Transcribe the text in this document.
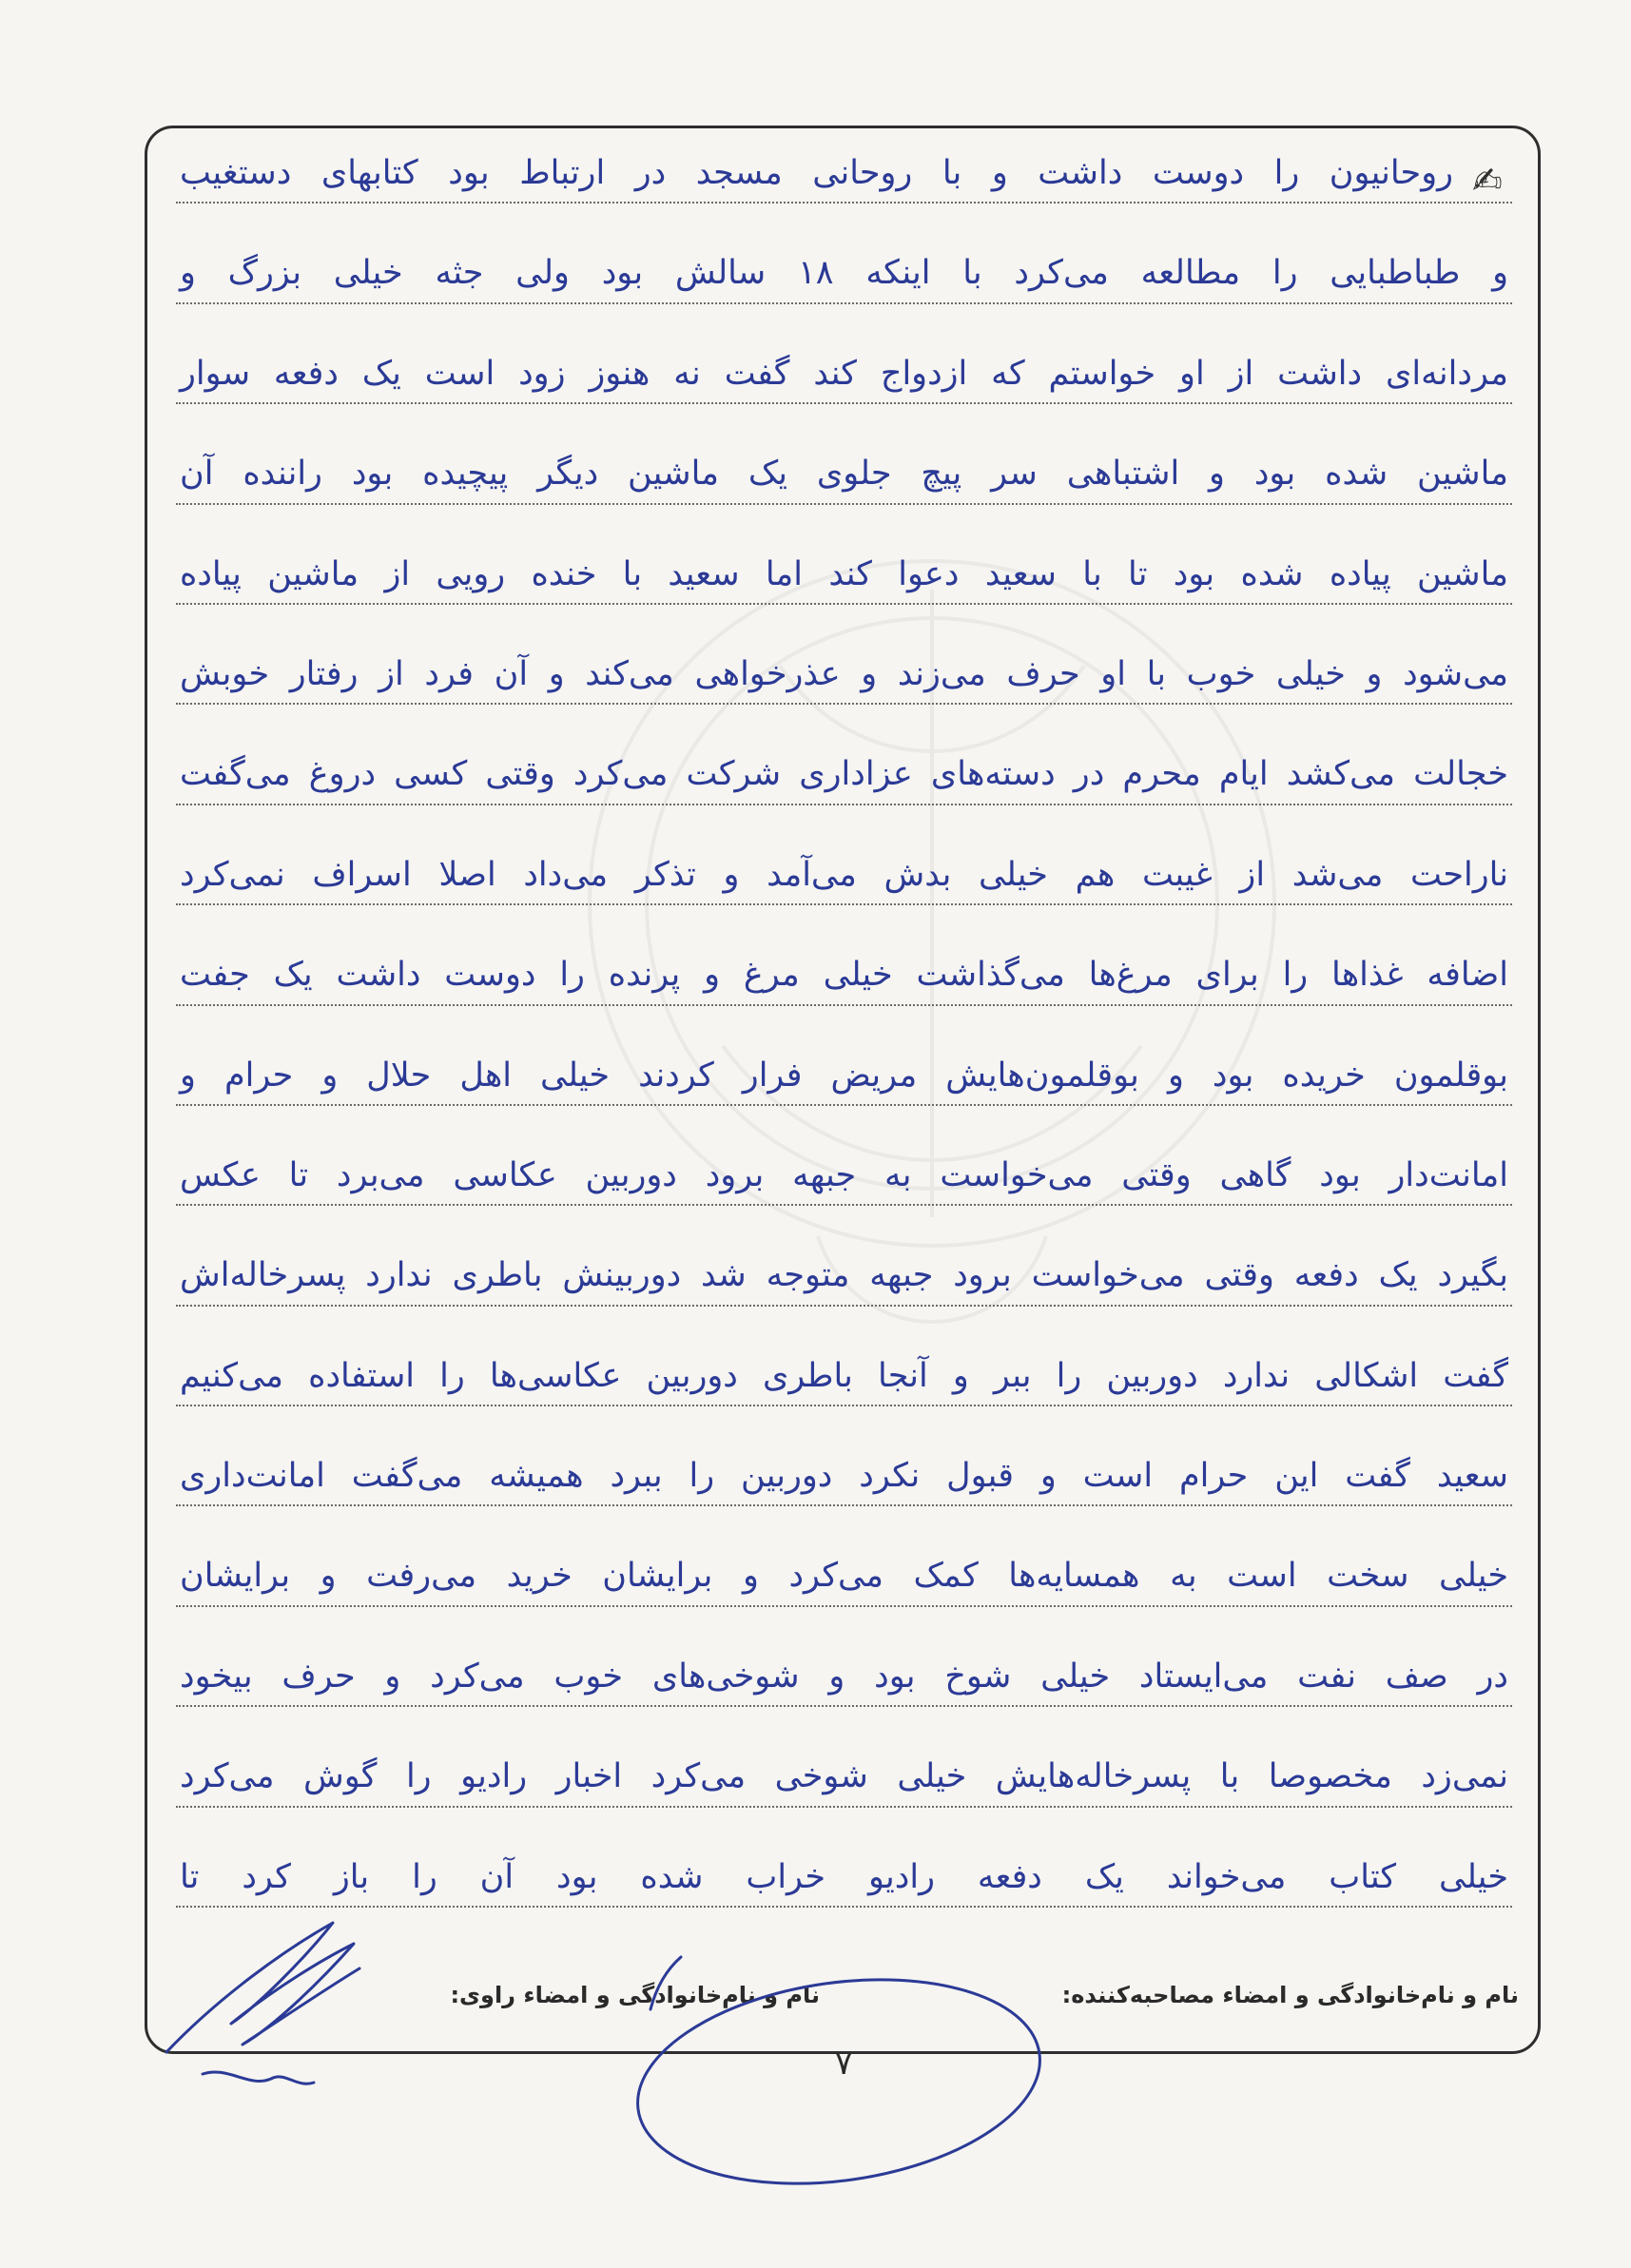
✍
روحانیون را دوست داشت و با روحانی مسجد در ارتباط بود کتابهای دستغیب
و طباطبایی را مطالعه می‌کرد با اینکه ۱۸ سالش بود ولی جثه خیلی بزرگ و
مردانه‌ای داشت از او خواستم که ازدواج کند گفت نه هنوز زود است یک دفعه سوار
ماشین شده بود و اشتباهی سر پیچ جلوی یک ماشین دیگر پیچیده بود راننده آن
ماشین پیاده شده بود تا با سعید دعوا کند اما سعید با خنده رویی از ماشین پیاده
می‌شود و خیلی خوب با او حرف می‌زند و عذرخواهی می‌کند و آن فرد از رفتار خوبش
خجالت می‌کشد ایام محرم در دسته‌های عزاداری شرکت می‌کرد وقتی کسی دروغ می‌گفت
ناراحت می‌شد از غیبت هم خیلی بدش می‌آمد و تذکر می‌داد اصلا اسراف نمی‌کرد
اضافه غذاها را برای مرغ‌ها می‌گذاشت خیلی مرغ و پرنده را دوست داشت یک جفت
بوقلمون خریده بود و بوقلمون‌هایش مریض فرار کردند خیلی اهل حلال و حرام و
امانت‌دار بود گاهی وقتی می‌خواست به جبهه برود دوربین عکاسی می‌برد تا عکس
بگیرد یک دفعه وقتی می‌خواست برود جبهه متوجه شد دوربینش باطری ندارد پسرخاله‌اش
گفت اشکالی ندارد دوربین را ببر و آنجا باطری دوربین عکاسی‌ها را استفاده می‌کنیم
سعید گفت این حرام است و قبول نکرد دوربین را ببرد همیشه می‌گفت امانت‌داری
خیلی سخت است به همسایه‌ها کمک می‌کرد و برایشان خرید می‌رفت و برایشان
در صف نفت می‌ایستاد خیلی شوخ بود و شوخی‌های خوب می‌کرد و حرف بیخود
نمی‌زد مخصوصا با پسرخاله‌هایش خیلی شوخی می‌کرد اخبار رادیو را گوش می‌کرد
خیلی کتاب می‌خواند یک دفعه رادیو خراب شده بود آن را باز کرد تا
نام و نام‌خانوادگی و امضاء مصاحبه‌کننده:
نام و نام‌خانوادگی و امضاء راوی:
۷
